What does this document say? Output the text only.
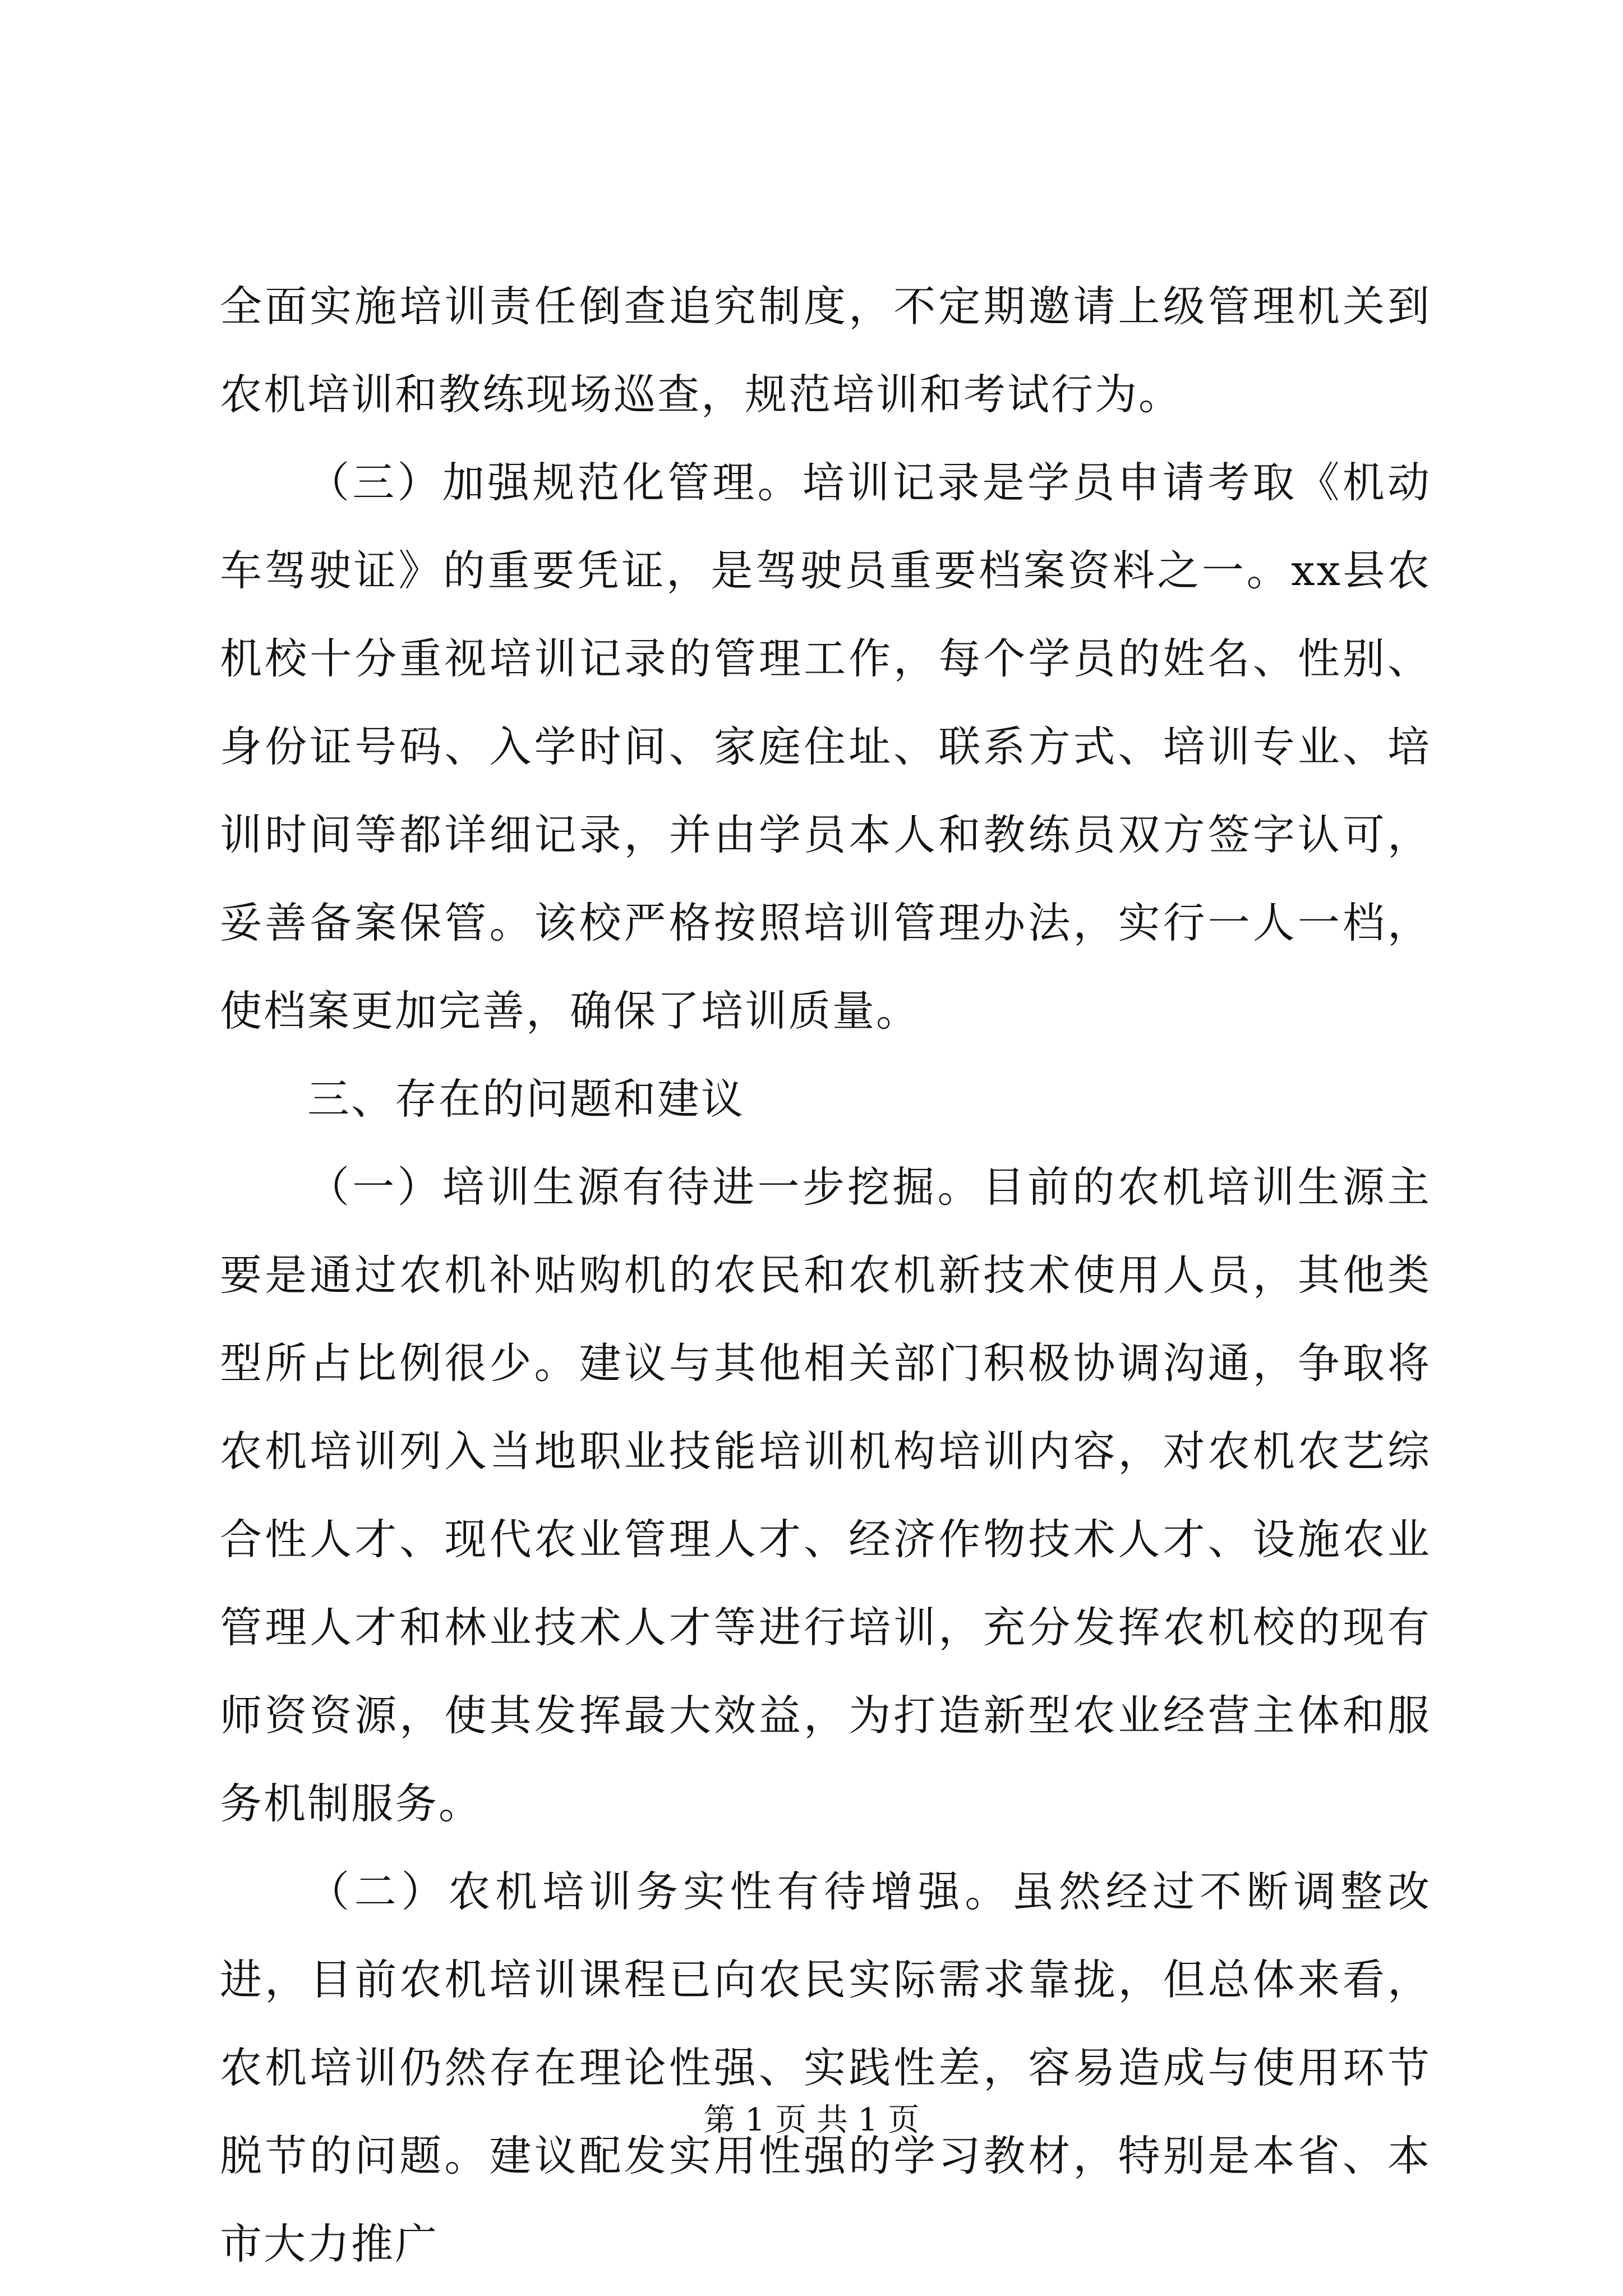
全面实施培训责任倒查追究制度，不定期邀请上级管理机关到农机培训和教练现场巡查，规范培训和考试行为。

（三）加强规范化管理。培训记录是学员申请考取《机动车驾驶证》的重要凭证，是驾驶员重要档案资料之一。xx县农机校十分重视培训记录的管理工作，每个学员的姓名、性别、身份证号码、入学时间、家庭住址、联系方式、培训专业、培训时间等都详细记录，并由学员本人和教练员双方签字认可，妥善备案保管。该校严格按照培训管理办法，实行一人一档，使档案更加完善，确保了培训质量。

三、存在的问题和建议

（一）培训生源有待进一步挖掘。目前的农机培训生源主要是通过农机补贴购机的农民和农机新技术使用人员，其他类型所占比例很少。建议与其他相关部门积极协调沟通，争取将农机培训列入当地职业技能培训机构培训内容，对农机农艺综合性人才、现代农业管理人才、经济作物技术人才、设施农业管理人才和林业技术人才等进行培训，充分发挥农机校的现有师资资源，使其发挥最大效益，为打造新型农业经营主体和服务机制服务。

（二）农机培训务实性有待增强。虽然经过不断调整改进，目前农机培训课程已向农民实际需求靠拢，但总体来看，农机培训仍然存在理论性强、实践性差，容易造成与使用环节脱节的问题。建议配发实用性强的学习教材，特别是本省、本市大力推广

第 1 页 共 1 页
